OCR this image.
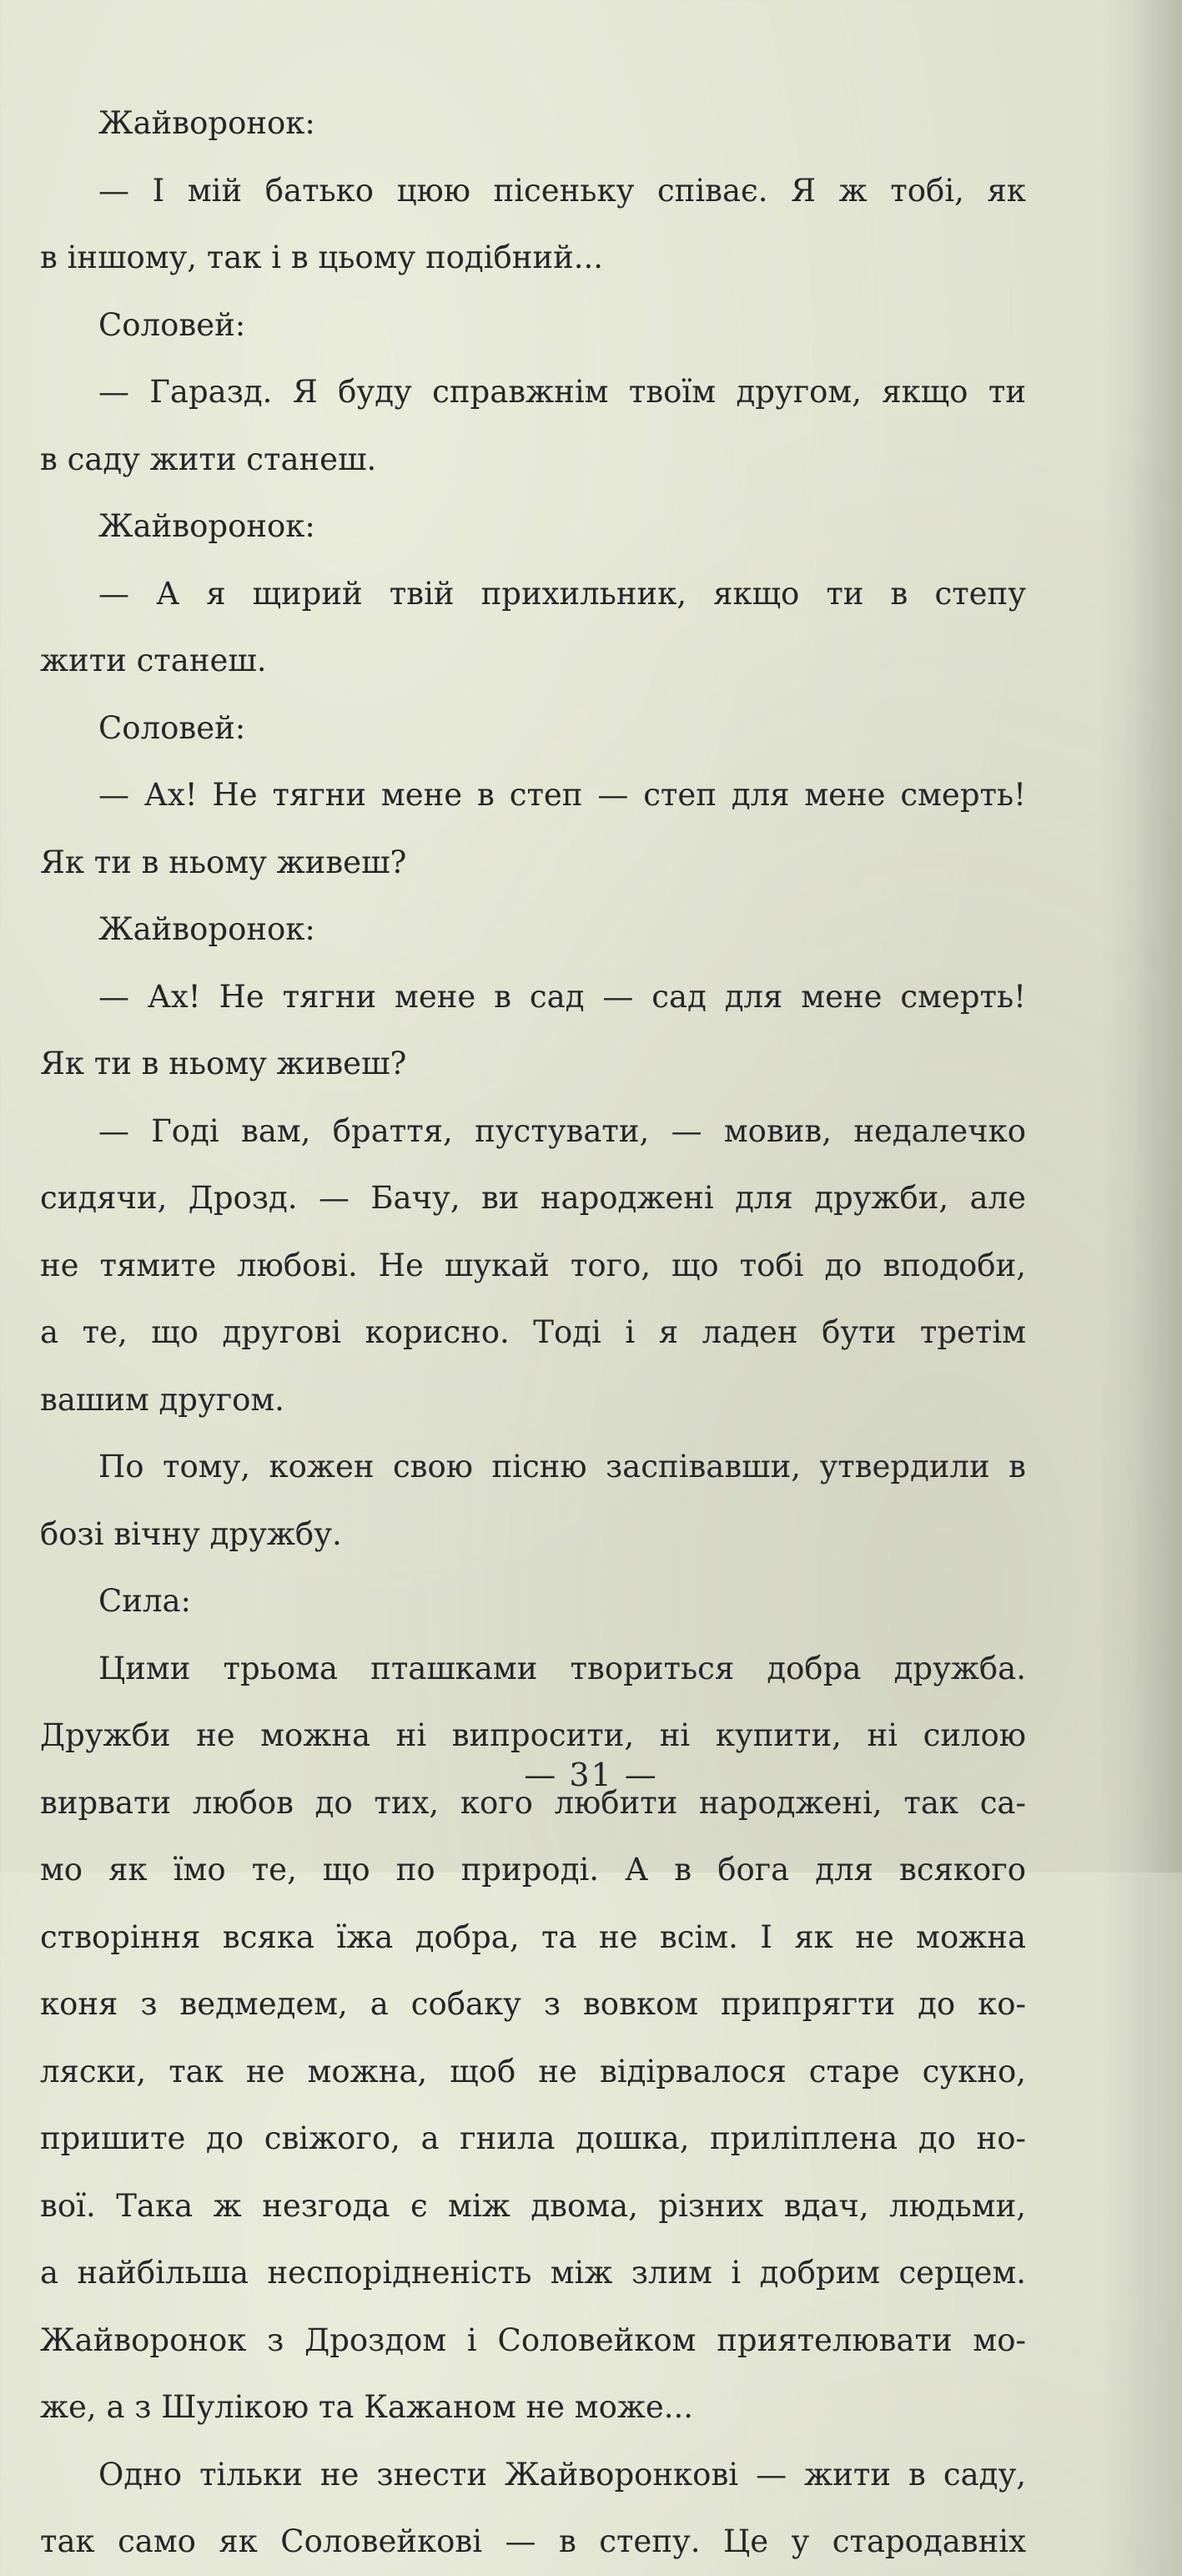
Жайворонок:
— І мій батько цюю пісеньку співає. Я ж тобі, як
в іншому, так і в цьому подібний...
Соловей:
— Гаразд. Я буду справжнім твоїм другом, якщо ти
в саду жити станеш.
Жайворонок:
— А я щирий твій прихильник, якщо ти в степу
жити станеш.
Соловей:
— Ах! Не тягни мене в степ — степ для мене смерть!
Як ти в ньому живеш?
Жайворонок:
— Ах! Не тягни мене в сад — сад для мене смерть!
Як ти в ньому живеш?
— Годі вам, браття, пустувати, — мовив, недалечко
сидячи, Дрозд. — Бачу, ви народжені для дружби, але
не тямите любові. Не шукай того, що тобі до вподоби,
а те, що другові корисно. Тоді і я ладен бути третім
вашим другом.
По тому, кожен свою пісню заспівавши, утвердили в
бозі вічну дружбу.
Сила:
Цими трьома пташками твориться добра дружба.
Дружби не можна ні випросити, ні купити, ні силою
вирвати любов до тих, кого любити народжені, так са-
мо як їмо те, що по природі. А в бога для всякого
створіння всяка їжа добра, та не всім. І як не можна
коня з ведмедем, а собаку з вовком припрягти до ко-
ляски, так не можна, щоб не відірвалося старе сукно,
пришите до свіжого, а гнила дошка, приліплена до но-
вої. Така ж незгода є між двома, різних вдач, людьми,
а найбільша неспорідненість між злим і добрим серцем.
Жайворонок з Дроздом і Соловейком приятелювати мо-
же, а з Шулікою та Кажаном не може...
Одно тільки не знести Жайворонкові — жити в саду,
так само як Соловейкові — в степу. Це у стародавніх
— 31 —
